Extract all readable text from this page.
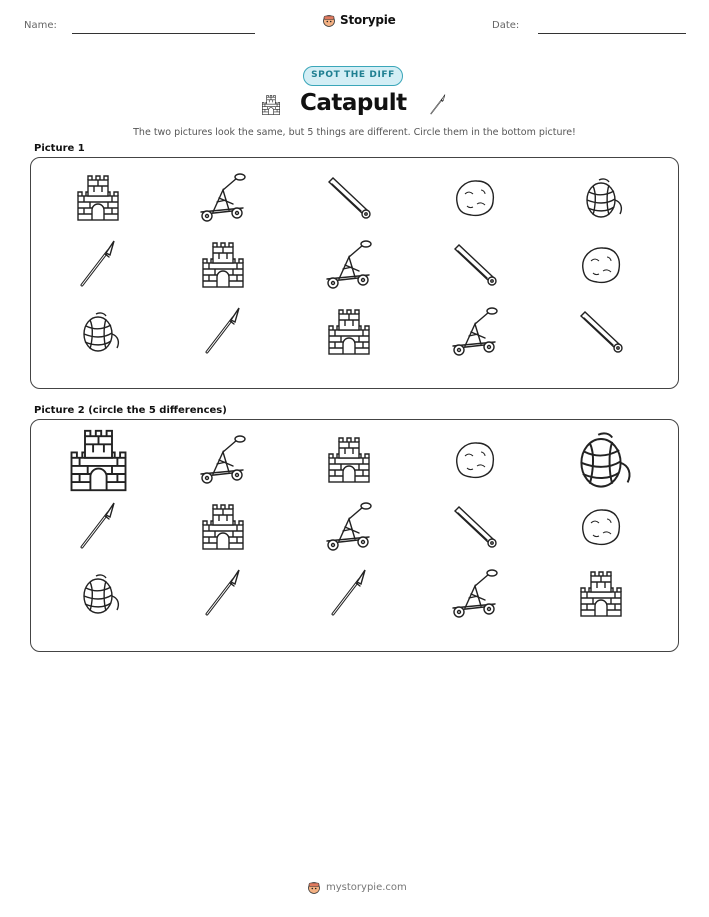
Name:	Storypie	Date:
SPOT THE DIFF
Catapult
The two pictures look the same, but 5 things are different. Circle them in the bottom picture!
Picture 1
Picture 2 (circle the 5 differences)
mystorypie.com
